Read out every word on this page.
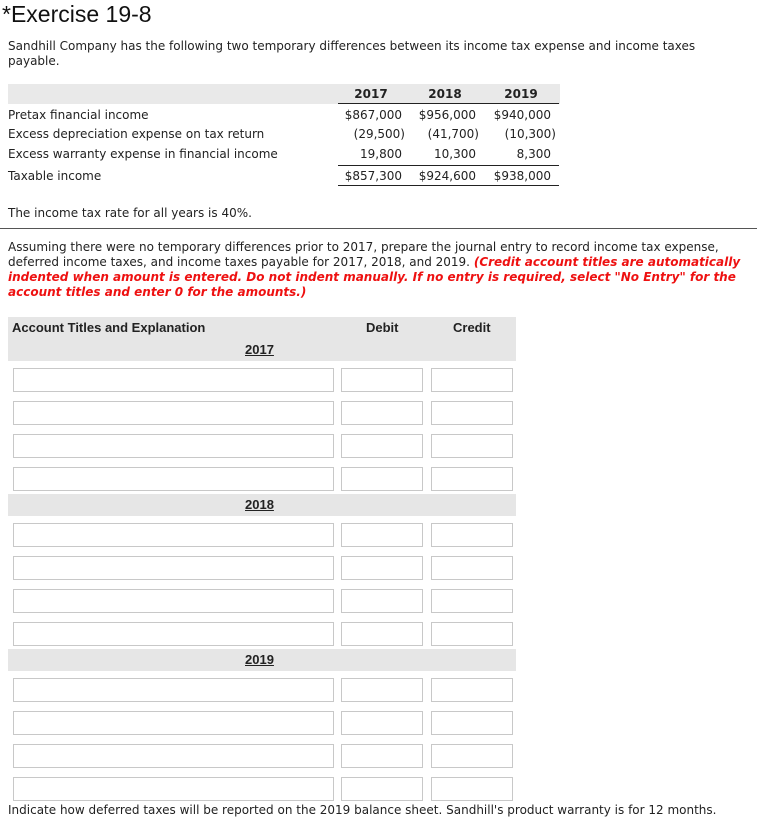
*Exercise 19-8
Sandhill Company has the following two temporary differences between its income tax expense and income taxes payable.
2017	2018	2019
Pretax financial income	$867,000	$956,000	$940,000
Excess depreciation expense on tax return	(29,500)	(41,700)	(10,300)
Excess warranty expense in financial income	19,800	10,300	8,300
Taxable income	$857,300	$924,600	$938,000
The income tax rate for all years is 40%.
Assuming there were no temporary differences prior to 2017, prepare the journal entry to record income tax expense, deferred income taxes, and income taxes payable for 2017, 2018, and 2019. (Credit account titles are automatically indented when amount is entered. Do not indent manually. If no entry is required, select "No Entry" for the account titles and enter 0 for the amounts.)
Account Titles and Explanation	Debit	Credit
2017
2018
2019
Indicate how deferred taxes will be reported on the 2019 balance sheet. Sandhill's product warranty is for 12 months.
